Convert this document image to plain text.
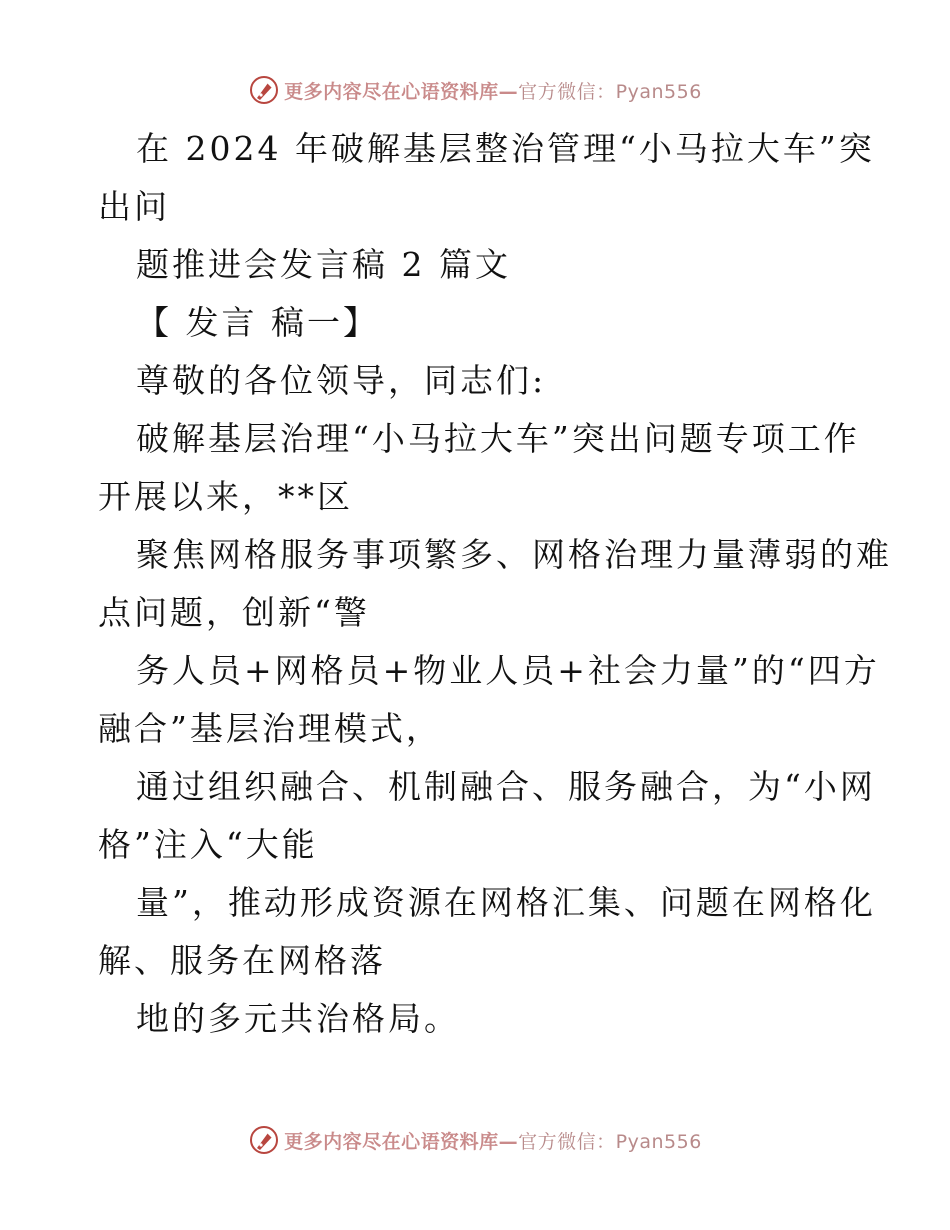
更多内容尽在心语资料库—官方微信：Pyan556
在 2024 年破解基层整治管理“小马拉大车”突
出问
题推进会发言稿 2 篇文
【 发言 稿一】
尊敬的各位领导，同志们:
破解基层治理“小马拉大车”突出问题专项工作
开展以来，**区
聚焦网格服务事项繁多、网格治理力量薄弱的难
点问题，创新“警
务人员+网格员+物业人员+社会力量”的“四方
融合”基层治理模式，
通过组织融合、机制融合、服务融合，为“小网
格”注入“大能
量”，推动形成资源在网格汇集、问题在网格化
解、服务在网格落
地的多元共治格局。
更多内容尽在心语资料库—官方微信：Pyan556
